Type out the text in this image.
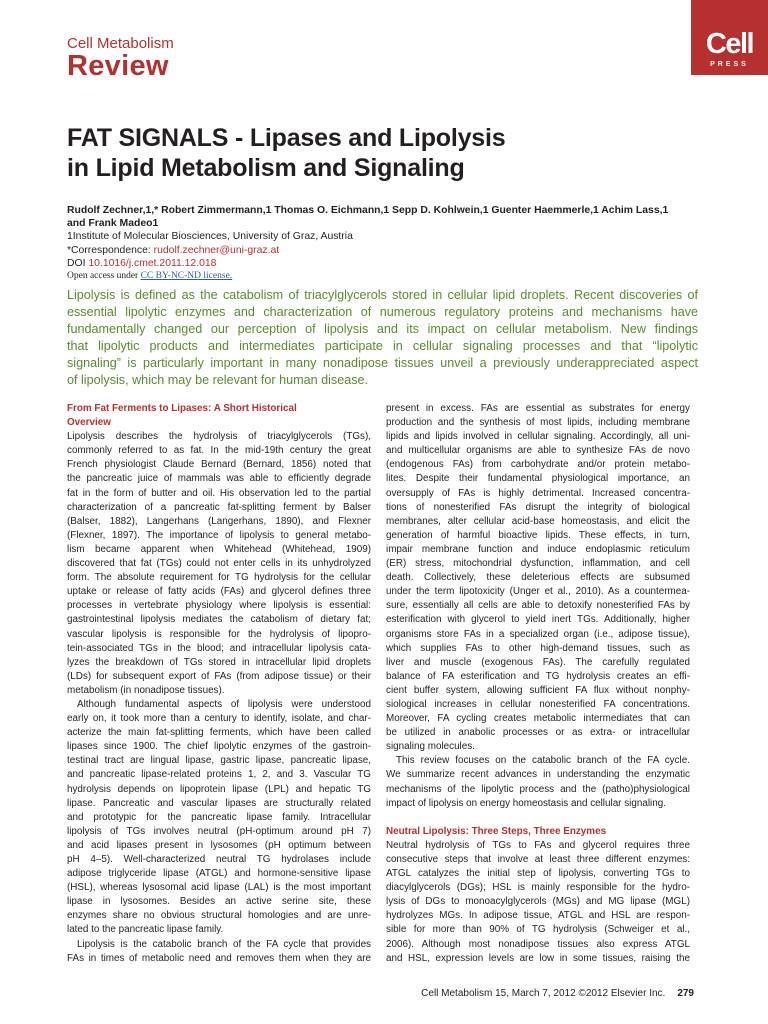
Cell Metabolism
Review
Cell
PRESS
FAT SIGNALS - Lipases and Lipolysis
in Lipid Metabolism and Signaling
Rudolf Zechner,1,* Robert Zimmermann,1 Thomas O. Eichmann,1 Sepp D. Kohlwein,1 Guenter Haemmerle,1 Achim Lass,1
and Frank Madeo1
1Institute of Molecular Biosciences, University of Graz, Austria
*Correspondence: rudolf.zechner@uni-graz.at
DOI 10.1016/j.cmet.2011.12.018
Open access under CC BY-NC-ND license.
Lipolysis is defined as the catabolism of triacylglycerols stored in cellular lipid droplets. Recent discoveries of
essential lipolytic enzymes and characterization of numerous regulatory proteins and mechanisms have
fundamentally changed our perception of lipolysis and its impact on cellular metabolism. New findings
that lipolytic products and intermediates participate in cellular signaling processes and that “lipolytic
signaling” is particularly important in many nonadipose tissues unveil a previously underappreciated aspect
of lipolysis, which may be relevant for human disease.
From Fat Ferments to Lipases: A Short Historical
Overview
Lipolysis describes the hydrolysis of triacylglycerols (TGs),
commonly referred to as fat. In the mid-19th century the great
French physiologist Claude Bernard (Bernard, 1856) noted that
the pancreatic juice of mammals was able to efficiently degrade
fat in the form of butter and oil. His observation led to the partial
characterization of a pancreatic fat-splitting ferment by Balser
(Balser, 1882), Langerhans (Langerhans, 1890), and Flexner
(Flexner, 1897). The importance of lipolysis to general metabo-
lism became apparent when Whitehead (Whitehead, 1909)
discovered that fat (TGs) could not enter cells in its unhydrolyzed
form. The absolute requirement for TG hydrolysis for the cellular
uptake or release of fatty acids (FAs) and glycerol defines three
processes in vertebrate physiology where lipolysis is essential:
gastrointestinal lipolysis mediates the catabolism of dietary fat;
vascular lipolysis is responsible for the hydrolysis of lipopro-
tein-associated TGs in the blood; and intracellular lipolysis cata-
lyzes the breakdown of TGs stored in intracellular lipid droplets
(LDs) for subsequent export of FAs (from adipose tissue) or their
metabolism (in nonadipose tissues).
Although fundamental aspects of lipolysis were understood
early on, it took more than a century to identify, isolate, and char-
acterize the main fat-splitting ferments, which have been called
lipases since 1900. The chief lipolytic enzymes of the gastroin-
testinal tract are lingual lipase, gastric lipase, pancreatic lipase,
and pancreatic lipase-related proteins 1, 2, and 3. Vascular TG
hydrolysis depends on lipoprotein lipase (LPL) and hepatic TG
lipase. Pancreatic and vascular lipases are structurally related
and prototypic for the pancreatic lipase family. Intracellular
lipolysis of TGs involves neutral (pH-optimum around pH 7)
and acid lipases present in lysosomes (pH optimum between
pH 4–5). Well-characterized neutral TG hydrolases include
adipose triglyceride lipase (ATGL) and hormone-sensitive lipase
(HSL), whereas lysosomal acid lipase (LAL) is the most important
lipase in lysosomes. Besides an active serine site, these
enzymes share no obvious structural homologies and are unre-
lated to the pancreatic lipase family.
Lipolysis is the catabolic branch of the FA cycle that provides
FAs in times of metabolic need and removes them when they are
present in excess. FAs are essential as substrates for energy
production and the synthesis of most lipids, including membrane
lipids and lipids involved in cellular signaling. Accordingly, all uni-
and multicellular organisms are able to synthesize FAs de novo
(endogenous FAs) from carbohydrate and/or protein metabo-
lites. Despite their fundamental physiological importance, an
oversupply of FAs is highly detrimental. Increased concentra-
tions of nonesterified FAs disrupt the integrity of biological
membranes, alter cellular acid-base homeostasis, and elicit the
generation of harmful bioactive lipids. These effects, in turn,
impair membrane function and induce endoplasmic reticulum
(ER) stress, mitochondrial dysfunction, inflammation, and cell
death. Collectively, these deleterious effects are subsumed
under the term lipotoxicity (Unger et al., 2010). As a countermea-
sure, essentially all cells are able to detoxify nonesterified FAs by
esterification with glycerol to yield inert TGs. Additionally, higher
organisms store FAs in a specialized organ (i.e., adipose tissue),
which supplies FAs to other high-demand tissues, such as
liver and muscle (exogenous FAs). The carefully regulated
balance of FA esterification and TG hydrolysis creates an effi-
cient buffer system, allowing sufficient FA flux without nonphy-
siological increases in cellular nonesterified FA concentrations.
Moreover, FA cycling creates metabolic intermediates that can
be utilized in anabolic processes or as extra- or intracellular
signaling molecules.
This review focuses on the catabolic branch of the FA cycle.
We summarize recent advances in understanding the enzymatic
mechanisms of the lipolytic process and the (patho)physiological
impact of lipolysis on energy homeostasis and cellular signaling.

Neutral Lipolysis: Three Steps, Three Enzymes
Neutral hydrolysis of TGs to FAs and glycerol requires three
consecutive steps that involve at least three different enzymes:
ATGL catalyzes the initial step of lipolysis, converting TGs to
diacylglycerols (DGs); HSL is mainly responsible for the hydro-
lysis of DGs to monoacylglycerols (MGs) and MG lipase (MGL)
hydrolyzes MGs. In adipose tissue, ATGL and HSL are respon-
sible for more than 90% of TG hydrolysis (Schweiger et al.,
2006). Although most nonadipose tissues also express ATGL
and HSL, expression levels are low in some tissues, raising the
Cell Metabolism 15, March 7, 2012 ©2012 Elsevier Inc. 279
